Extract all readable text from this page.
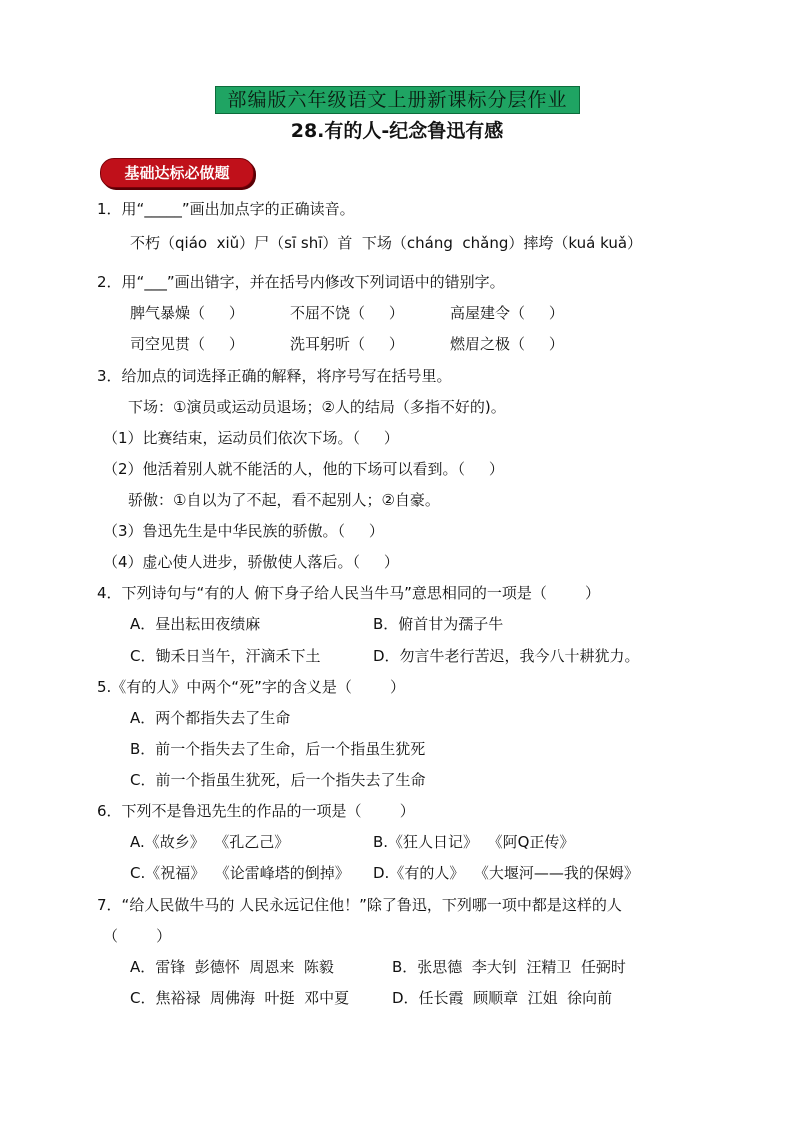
部编版六年级语文上册新课标分层作业
28.有的人-纪念鲁迅有感
基础达标必做题
1．用“_____”画出加点字的正确读音。
不朽（qiáo  xiǔ）尸（sī shī）首  下场（cháng  chǎng）摔垮（kuá kuǎ）
2．用“___”画出错字，并在括号内修改下列词语中的错别字。
脾气暴燥（     ）	不屈不饶（     ）	高屋建令（     ）
司空见贯（     ）	洗耳躬听（     ）	燃眉之极（     ）
3．给加点的词选择正确的解释，将序号写在括号里。
下场：①演员或运动员退场；②人的结局（多指不好的)。
（1）比赛结束，运动员们依次下场。（     ）
（2）他活着别人就不能活的人，他的下场可以看到。（     ）
骄傲：①自以为了不起，看不起别人；②自豪。
（3）鲁迅先生是中华民族的骄傲。（     ）
（4）虚心使人进步，骄傲使人落后。（     ）
4．下列诗句与“有的人 俯下身子给人民当牛马”意思相同的一项是（        ）
A．昼出耘田夜绩麻	B．俯首甘为孺子牛
C．锄禾日当午，汗滴禾下土	D．勿言牛老行苦迟，我今八十耕犹力。
5.《有的人》中两个“死”字的含义是（        ）
A．两个都指失去了生命
B．前一个指失去了生命，后一个指虽生犹死
C．前一个指虽生犹死，后一个指失去了生命
6．下列不是鲁迅先生的作品的一项是（        ）
A.《故乡》  《孔乙己》	B.《狂人日记》  《阿Q正传》
C.《祝福》  《论雷峰塔的倒掉》 D.《有的人》  《大堰河——我的保姆》
7．“给人民做牛马的 人民永远记住他！”除了鲁迅，下列哪一项中都是这样的人
（        ）
A．雷锋  彭德怀  周恩来  陈毅	B．张思德  李大钊  汪精卫  任弼时
C．焦裕禄  周佛海  叶挺  邓中夏	D．任长霞  顾顺章  江姐  徐向前
